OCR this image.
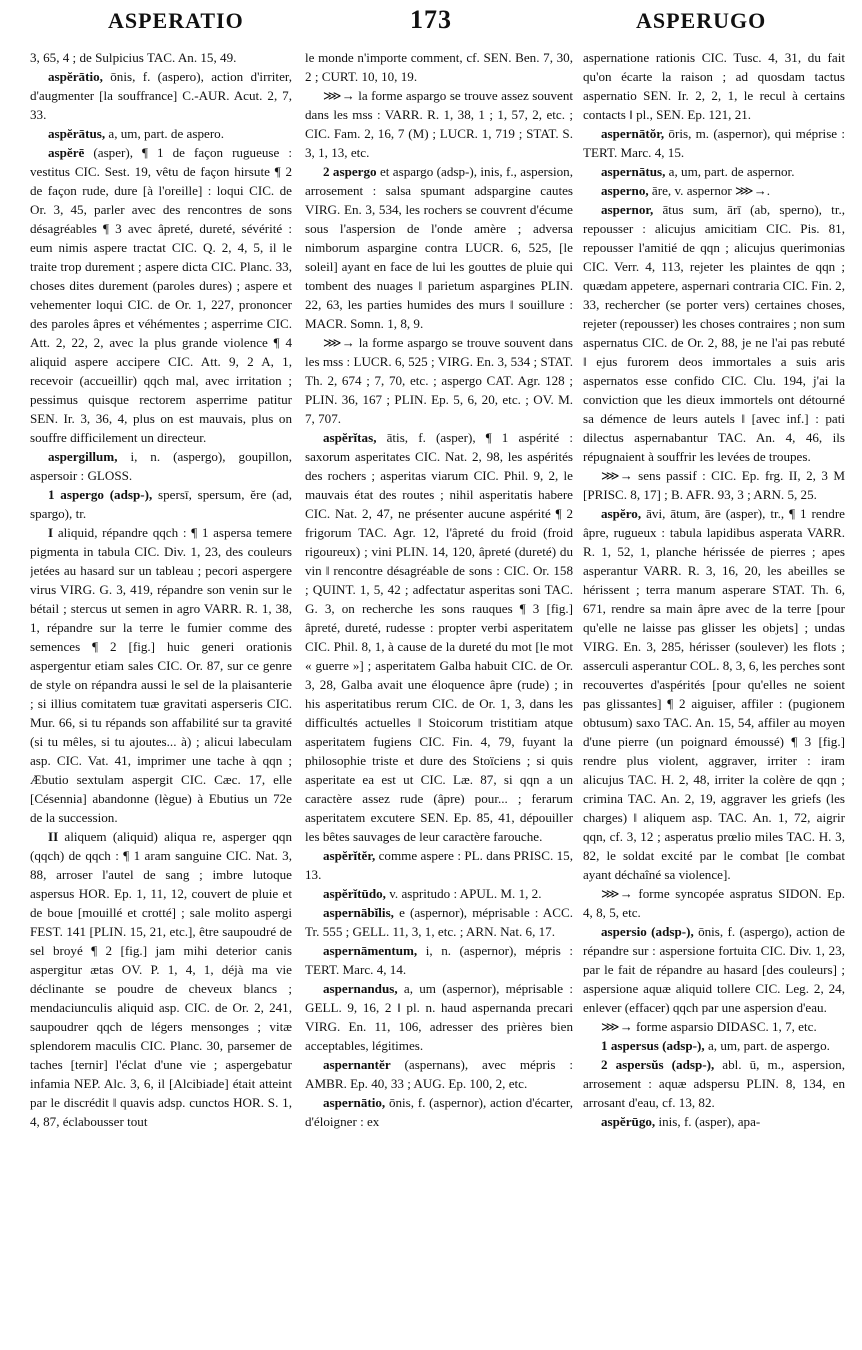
ASPERATIO	173	ASPERUGO

3, 65, 4 ; de Sulpicius TAC. An. 15, 49.

aspĕrātio, ōnis, f. (aspero), action d'irriter, d'augmenter [la souffrance] C.-AUR. Acut. 2, 7, 33.

aspĕrātus, a, um, part. de aspero.

aspĕrē (asper), ¶ 1 de façon rugueuse : vestitus CIC. Sest. 19, vêtu de façon hirsute ¶ 2 de façon rude, dure [à l'oreille] : loqui CIC. de Or. 3, 45, parler avec des rencontres de sons désagréables ¶ 3 avec âpreté, dureté, sévérité : eum nimis aspere tractat CIC. Q. 2, 4, 5, il le traite trop durement ; aspere dicta CIC. Planc. 33, choses dites durement (paroles dures) ; aspere et vehementer loqui CIC. de Or. 1, 227, prononcer des paroles âpres et véhémentes ; asperrime CIC. Att. 2, 22, 2, avec la plus grande violence ¶ 4 aliquid aspere accipere CIC. Att. 9, 2 A, 1, recevoir (accueillir) qqch mal, avec irritation ; pessimus quisque rectorem asperrime patitur SEN. Ir. 3, 36, 4, plus on est mauvais, plus on souffre difficilement un directeur.

aspergillum, i, n. (aspergo), goupillon, aspersoir : GLOSS.

1 aspergo (adsp-), spersī, spersum, ĕre (ad, spargo), tr.

I aliquid, répandre qqch : ¶ 1 aspersa temere pigmenta in tabula CIC. Div. 1, 23, des couleurs jetées au hasard sur un tableau ; pecori aspergere virus VIRG. G. 3, 419, répandre son venin sur le bétail ; stercus ut semen in agro VARR. R. 1, 38, 1, répandre sur la terre le fumier comme des semences ¶ 2 [fig.] huic generi orationis aspergentur etiam sales CIC. Or. 87, sur ce genre de style on répandra aussi le sel de la plaisanterie ; si illius comitatem tuæ gravitati asperseris CIC. Mur. 66, si tu répands son affabilité sur ta gravité (si tu mêles, si tu ajoutes... à) ; alicui labeculam asp. CIC. Vat. 41, imprimer une tache à qqn ; Æbutio sextulam aspergit CIC. Cæc. 17, elle [Césennia] abandonne (lègue) à Ebutius un 72e de la succession.

II aliquem (aliquid) aliqua re, asperger qqn (qqch) de qqch : ¶ 1 aram sanguine CIC. Nat. 3, 88, arroser l'autel de sang ; imbre lutoque aspersus HOR. Ep. 1, 11, 12, couvert de pluie et de boue [mouillé et crotté] ; sale molito aspergi FEST. 141 [PLIN. 15, 21, etc.], être saupoudré de sel broyé ¶ 2 [fig.] jam mihi deterior canis aspergitur ætas OV. P. 1, 4, 1, déjà ma vie déclinante se poudre de cheveux blancs ; mendaciunculis aliquid asp. CIC. de Or. 2, 241, saupoudrer qqch de légers mensonges ; vitæ splendorem maculis CIC. Planc. 30, parsemer de taches [ternir] l'éclat d'une vie ; aspergebatur infamia NEP. Alc. 3, 6, il [Alcibiade] était atteint par le discrédit ‖ quavis adsp. cunctos HOR. S. 1, 4, 87, éclabousser tout

le monde n'importe comment, cf. SEN. Ben. 7, 30, 2 ; CURT. 10, 10, 19.

⋙→ la forme aspargo se trouve assez souvent dans les mss : VARR. R. 1, 38, 1 ; 1, 57, 2, etc. ; CIC. Fam. 2, 16, 7 (M) ; LUCR. 1, 719 ; STAT. S. 3, 1, 13, etc.

2 aspergo et aspargo (adsp-), inis, f., aspersion, arrosement : salsa spumant adspargine cautes VIRG. En. 3, 534, les rochers se couvrent d'écume sous l'aspersion de l'onde amère ; adversa nimborum aspargine contra LUCR. 6, 525, [le soleil] ayant en face de lui les gouttes de pluie qui tombent des nuages ‖ parietum aspargines PLIN. 22, 63, les parties humides des murs ‖ souillure : MACR. Somn. 1, 8, 9.

⋙→ la forme aspargo se trouve souvent dans les mss : LUCR. 6, 525 ; VIRG. En. 3, 534 ; STAT. Th. 2, 674 ; 7, 70, etc. ; aspergo CAT. Agr. 128 ; PLIN. 36, 167 ; PLIN. Ep. 5, 6, 20, etc. ; OV. M. 7, 707.

aspĕrĭtas, ātis, f. (asper), ¶ 1 aspérité : saxorum asperitates CIC. Nat. 2, 98, les aspérités des rochers ; asperitas viarum CIC. Phil. 9, 2, le mauvais état des routes ; nihil asperitatis habere CIC. Nat. 2, 47, ne présenter aucune aspérité ¶ 2 frigorum TAC. Agr. 12, l'âpreté du froid (froid rigoureux) ; vini PLIN. 14, 120, âpreté (dureté) du vin ‖ rencontre désagréable de sons : CIC. Or. 158 ; QUINT. 1, 5, 42 ; adfectatur asperitas soni TAC. G. 3, on recherche les sons rauques ¶ 3 [fig.] âpreté, dureté, rudesse : propter verbi asperitatem CIC. Phil. 8, 1, à cause de la dureté du mot [le mot « guerre »] ; asperitatem Galba habuit CIC. de Or. 3, 28, Galba avait une éloquence âpre (rude) ; in his asperitatibus rerum CIC. de Or. 1, 3, dans les difficultés actuelles ‖ Stoicorum tristitiam atque asperitatem fugiens CIC. Fin. 4, 79, fuyant la philosophie triste et dure des Stoïciens ; si quis asperitate ea est ut CIC. Læ. 87, si qqn a un caractère assez rude (âpre) pour... ; ferarum asperitatem excutere SEN. Ep. 85, 41, dépouiller les bêtes sauvages de leur caractère farouche.

aspĕrĭtĕr, comme aspere : PL. dans PRISC. 15, 13.

aspĕrĭtūdo, v. aspritudo : APUL. M. 1, 2.

aspernābĭlis, e (aspernor), méprisable : ACC. Tr. 555 ; GELL. 11, 3, 1, etc. ; ARN. Nat. 6, 17.

aspernāmentum, i, n. (aspernor), mépris : TERT. Marc. 4, 14.

aspernandus, a, um (aspernor), méprisable : GELL. 9, 16, 2 ‖ pl. n. haud aspernanda precari VIRG. En. 11, 106, adresser des prières bien acceptables, légitimes.

aspernantĕr (aspernans), avec mépris : AMBR. Ep. 40, 33 ; AUG. Ep. 100, 2, etc.

aspernātio, ōnis, f. (aspernor), action d'écarter, d'éloigner : ex

aspernatione rationis CIC. Tusc. 4, 31, du fait qu'on écarte la raison ; ad quosdam tactus aspernatio SEN. Ir. 2, 2, 1, le recul à certains contacts ‖ pl., SEN. Ep. 121, 21.

aspernātŏr, ōris, m. (aspernor), qui méprise : TERT. Marc. 4, 15.

aspernātus, a, um, part. de aspernor.

asperno, āre, v. aspernor ⋙→.

aspernor, ātus sum, ārī (ab, sperno), tr., repousser : alicujus amicitiam CIC. Pis. 81, repousser l'amitié de qqn ; alicujus querimonias CIC. Verr. 4, 113, rejeter les plaintes de qqn ; quædam appetere, aspernari contraria CIC. Fin. 2, 33, rechercher (se porter vers) certaines choses, rejeter (repousser) les choses contraires ; non sum aspernatus CIC. de Or. 2, 88, je ne l'ai pas rebuté ‖ ejus furorem deos immortales a suis aris aspernatos esse confido CIC. Clu. 194, j'ai la conviction que les dieux immortels ont détourné sa démence de leurs autels ‖ [avec inf.] : pati dilectus aspernabantur TAC. An. 4, 46, ils répugnaient à souffrir les levées de troupes.

⋙→ sens passif : CIC. Ep. frg. II, 2, 3 M [PRISC. 8, 17] ; B. AFR. 93, 3 ; ARN. 5, 25.

aspĕro, āvi, ātum, āre (asper), tr., ¶ 1 rendre âpre, rugueux : tabula lapidibus asperata VARR. R. 1, 52, 1, planche hérissée de pierres ; apes asperantur VARR. R. 3, 16, 20, les abeilles se hérissent ; terra manum asperare STAT. Th. 6, 671, rendre sa main âpre avec de la terre [pour qu'elle ne laisse pas glisser les objets] ; undas VIRG. En. 3, 285, hérisser (soulever) les flots ; asserculi asperantur COL. 8, 3, 6, les perches sont recouvertes d'aspérités [pour qu'elles ne soient pas glissantes] ¶ 2 aiguiser, affiler : (pugionem obtusum) saxo TAC. An. 15, 54, affiler au moyen d'une pierre (un poignard émoussé) ¶ 3 [fig.] rendre plus violent, aggraver, irriter : iram alicujus TAC. H. 2, 48, irriter la colère de qqn ; crimina TAC. An. 2, 19, aggraver les griefs (les charges) ‖ aliquem asp. TAC. An. 1, 72, aigrir qqn, cf. 3, 12 ; asperatus prœlio miles TAC. H. 3, 82, le soldat excité par le combat [le combat ayant déchaîné sa violence].

⋙→ forme syncopée aspratus SIDON. Ep. 4, 8, 5, etc.

aspersio (adsp-), ōnis, f. (aspergo), action de répandre sur : aspersione fortuita CIC. Div. 1, 23, par le fait de répandre au hasard [des couleurs] ; aspersione aquæ aliquid tollere CIC. Leg. 2, 24, enlever (effacer) qqch par une aspersion d'eau.

⋙→ forme asparsio DIDASC. 1, 7, etc.

1 aspersus (adsp-), a, um, part. de aspergo.

2 aspersŭs (adsp-), abl. ū, m., aspersion, arrosement : aquæ adspersu PLIN. 8, 134, en arrosant d'eau, cf. 13, 82.

aspĕrūgo, inis, f. (asper), apa-
